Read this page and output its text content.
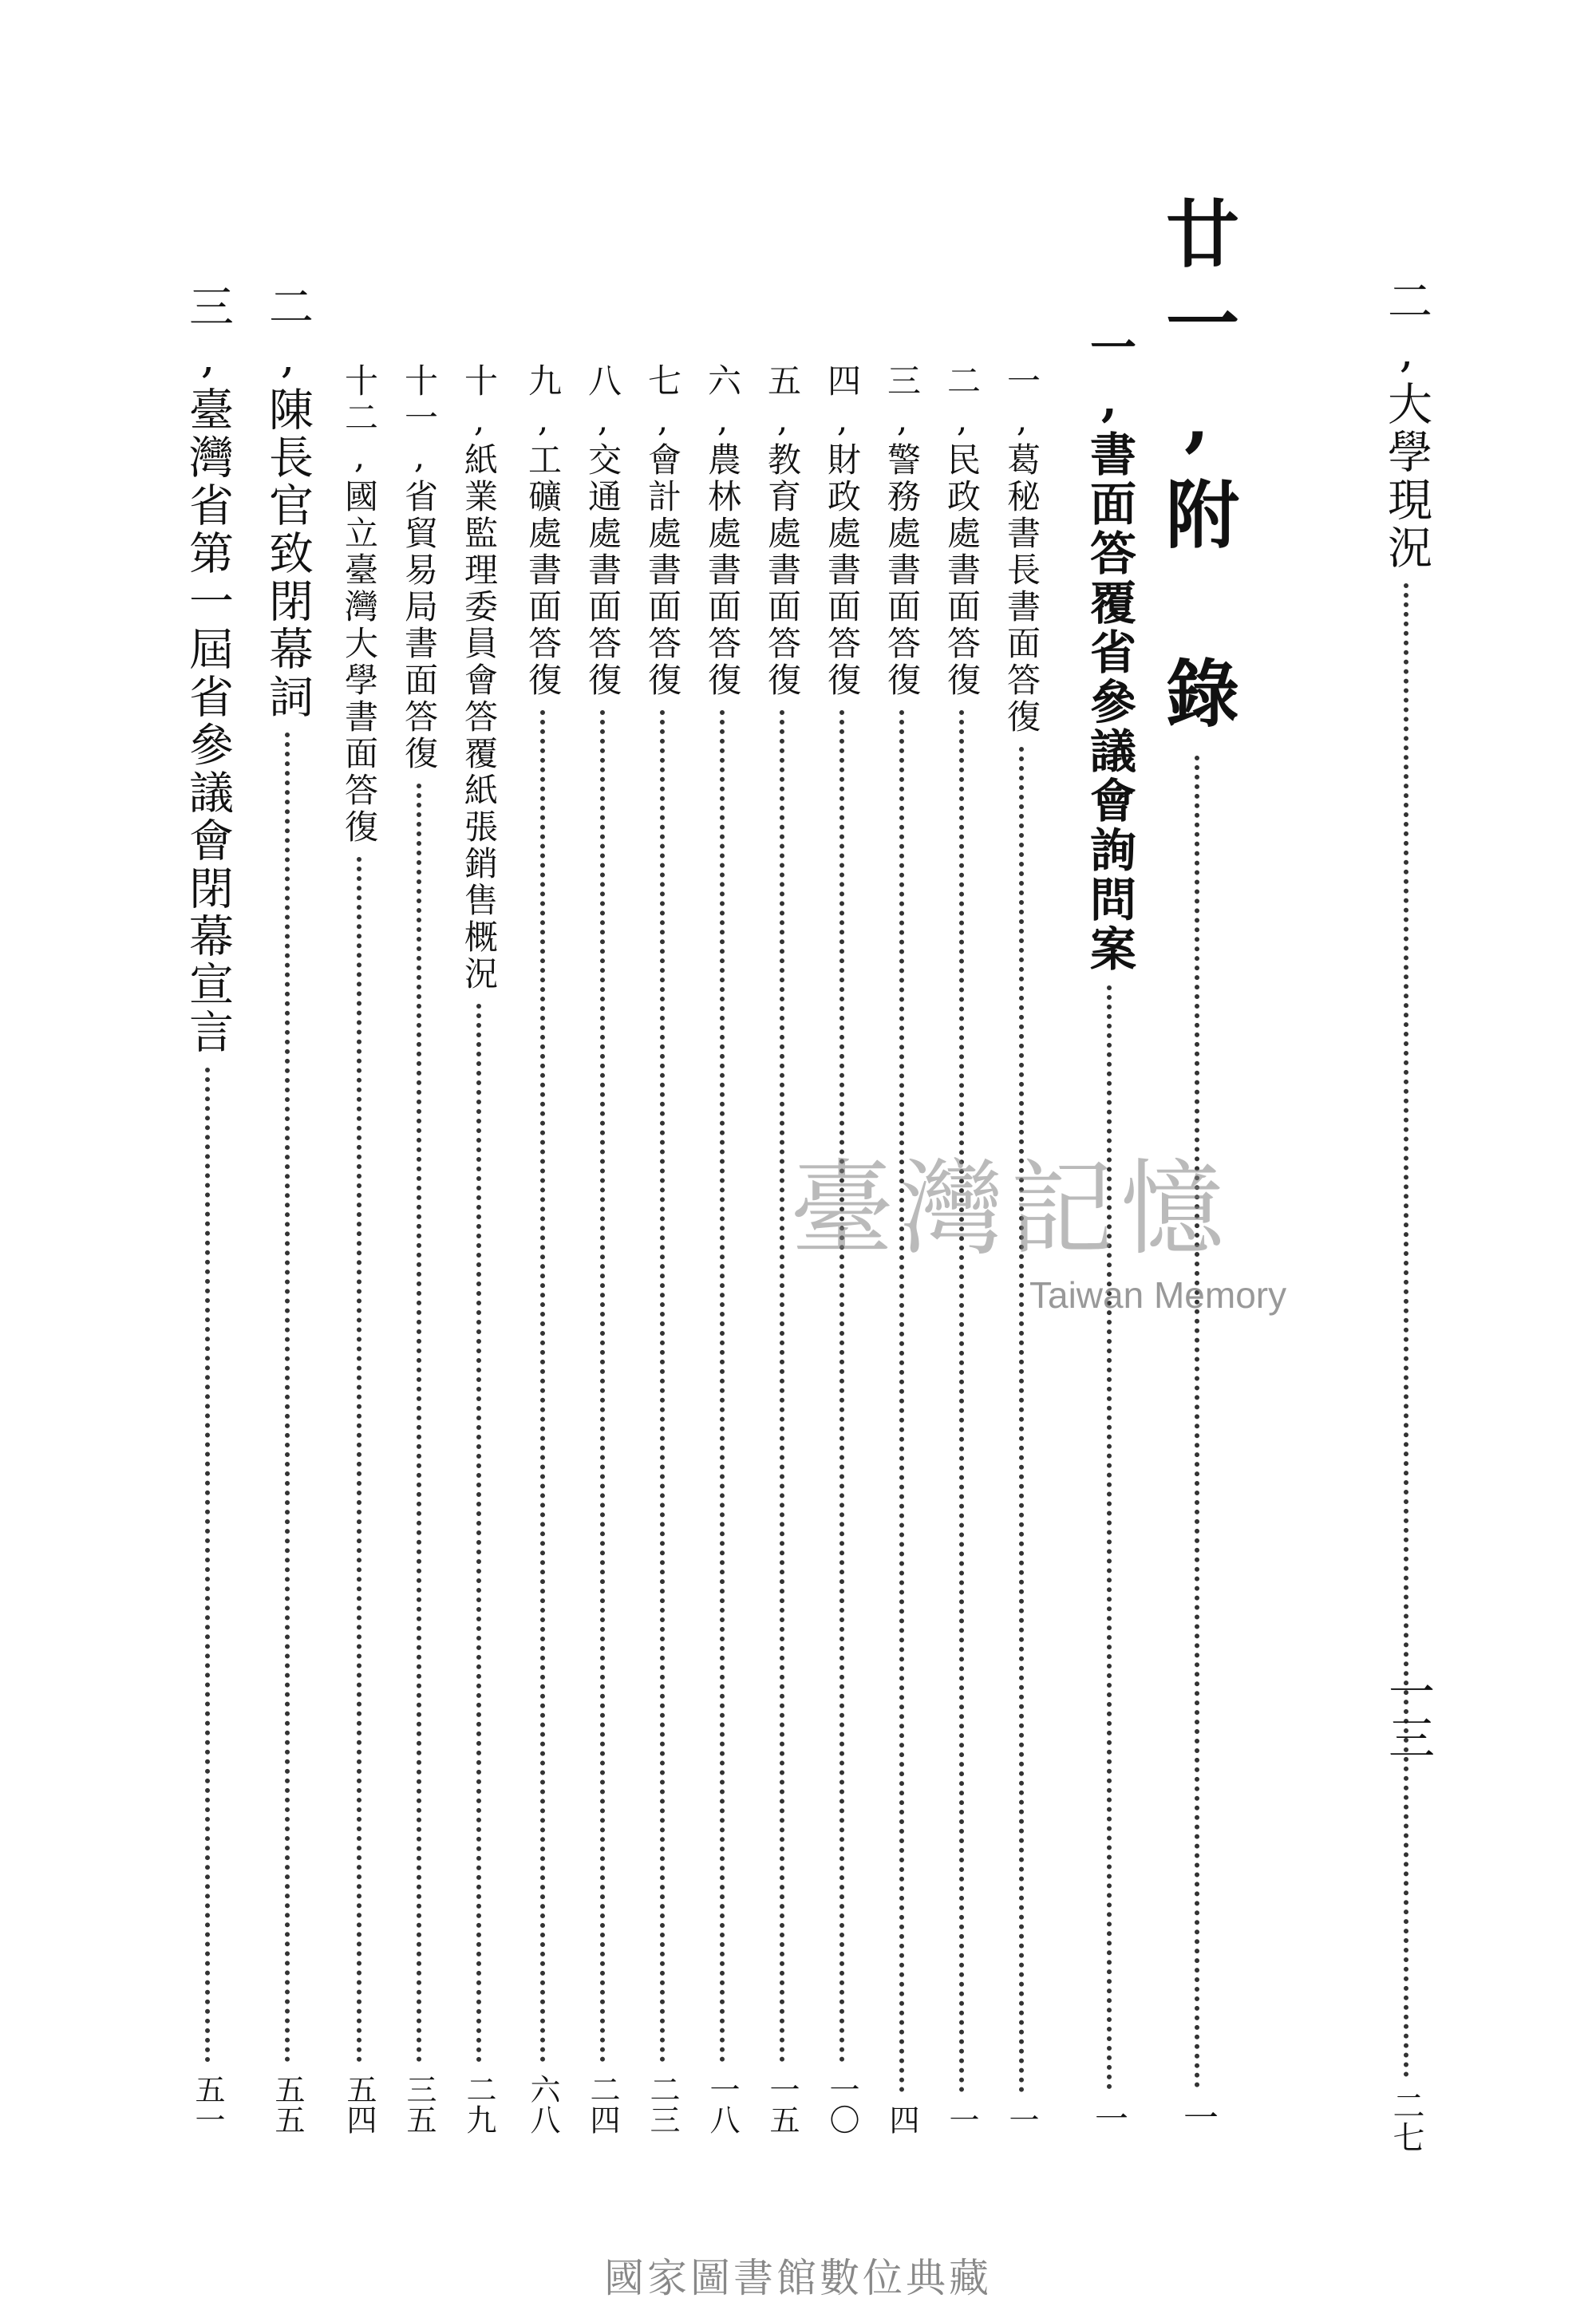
二,大學現況
二七
廿一,附　錄
一
一,書面答覆省參議會詢問案
一
一,葛秘書長書面答復
一
二,民政處書面答復
一
三,警務處書面答復
四
四,財政處書面答復
一〇
五,教育處書面答復
一五
六,農林處書面答復
一八
七,會計處書面答復
二三
八,交通處書面答復
二四
九,工礦處書面答復
六八
十,紙業監理委員會答覆紙張銷售概況
二九
十一,省貿易局書面答復
三五
十二,國立臺灣大學書面答復
五四
二,陳長官致閉幕詞
五五
三,臺灣省第一屆省參議會閉幕宣言
五一
一三
臺灣記憶
Taiwan Memory
國家圖書館數位典藏
